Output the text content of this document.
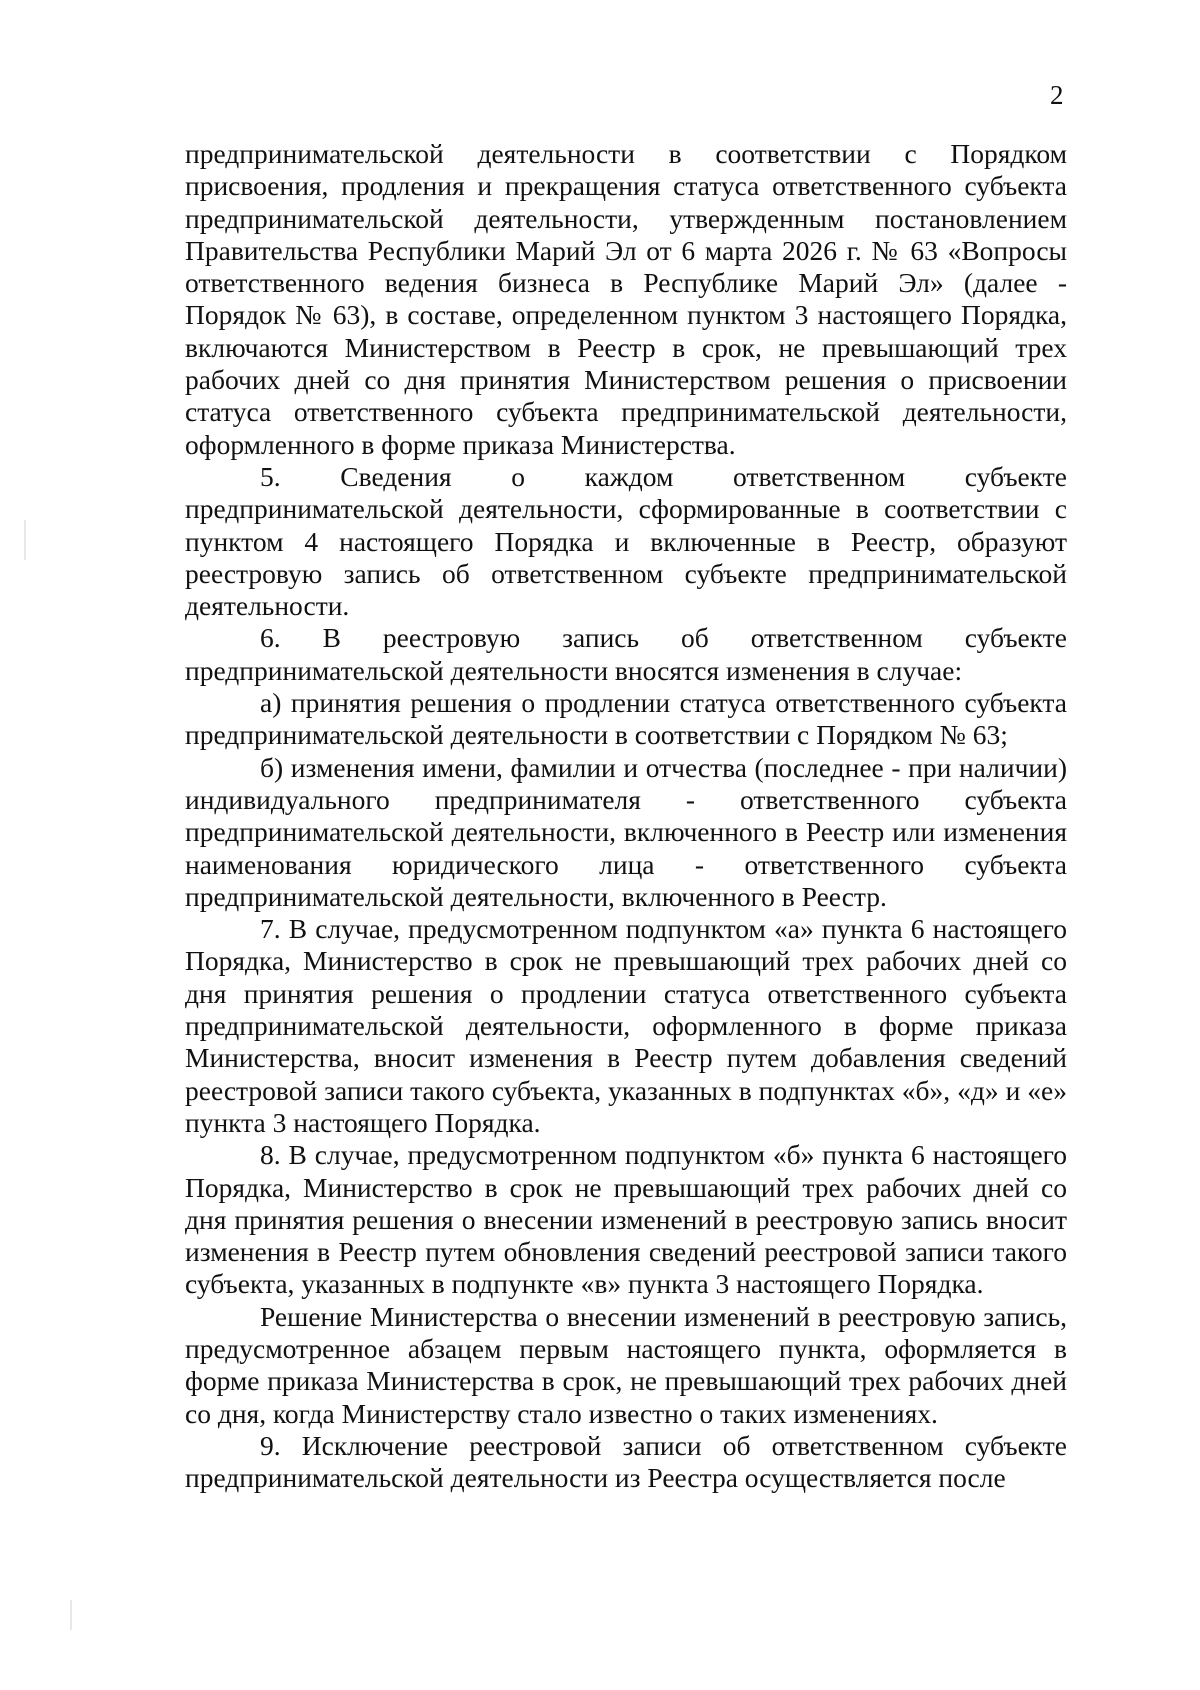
2

предпринимательской деятельности в соответствии с Порядком присвоения, продления и прекращения статуса ответственного субъекта предпринимательской деятельности, утвержденным постановлением Правительства Республики Марий Эл от 6 марта 2026 г. № 63 «Вопросы ответственного ведения бизнеса в Республике Марий Эл» (далее - Порядок № 63), в составе, определенном пунктом 3 настоящего Порядка, включаются Министерством в Реестр в срок, не превышающий трех рабочих дней со дня принятия Министерством решения о присвоении статуса ответственного субъекта предпринимательской деятельности, оформленного в форме приказа Министерства.

5. Сведения о каждом ответственном субъекте предпринимательской деятельности, сформированные в соответствии с пунктом 4 настоящего Порядка и включенные в Реестр, образуют реестровую запись об ответственном субъекте предпринимательской деятельности.

6. В реестровую запись об ответственном субъекте предпринимательской деятельности вносятся изменения в случае:

а) принятия решения о продлении статуса ответственного субъекта предпринимательской деятельности в соответствии с Порядком № 63;

б) изменения имени, фамилии и отчества (последнее - при наличии) индивидуального предпринимателя - ответственного субъекта предпринимательской деятельности, включенного в Реестр или изменения наименования юридического лица - ответственного субъекта предпринимательской деятельности, включенного в Реестр.

7. В случае, предусмотренном подпунктом «а» пункта 6 настоящего Порядка, Министерство в срок не превышающий трех рабочих дней со дня принятия решения о продлении статуса ответственного субъекта предпринимательской деятельности, оформленного в форме приказа Министерства, вносит изменения в Реестр путем добавления сведений реестровой записи такого субъекта, указанных в подпунктах «б», «д» и «е» пункта 3 настоящего Порядка.

8. В случае, предусмотренном подпунктом «б» пункта 6 настоящего Порядка, Министерство в срок не превышающий трех рабочих дней со дня принятия решения о внесении изменений в реестровую запись вносит изменения в Реестр путем обновления сведений реестровой записи такого субъекта, указанных в подпункте «в» пункта 3 настоящего Порядка.

Решение Министерства о внесении изменений в реестровую запись, предусмотренное абзацем первым настоящего пункта, оформляется в форме приказа Министерства в срок, не превышающий трех рабочих дней со дня, когда Министерству стало известно о таких изменениях.

9. Исключение реестровой записи об ответственном субъекте предпринимательской деятельности из Реестра осуществляется после
